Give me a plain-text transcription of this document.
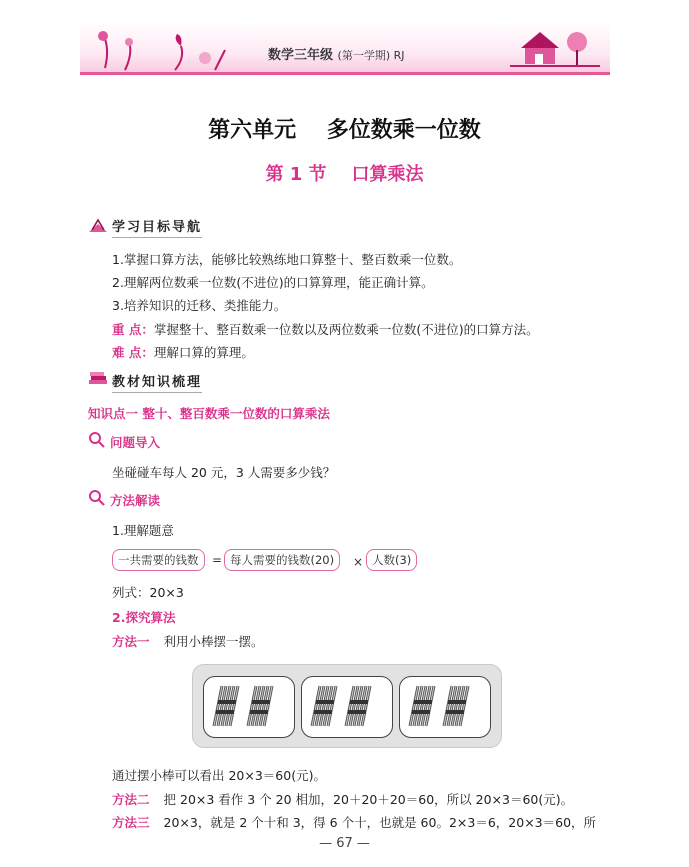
数学三年级 (第一学期) RJ
第六单元    多位数乘一位数
第 1 节    口算乘法
学习目标导航
1.掌握口算方法，能够比较熟练地口算整十、整百数乘一位数。
2.理解两位数乘一位数(不进位)的口算算理，能正确计算。
3.培养知识的迁移、类推能力。
重 点：掌握整十、整百数乘一位数以及两位数乘一位数(不进位)的口算方法。
难 点：理解口算的算理。
教材知识梳理
知识点一 整十、整百数乘一位数的口算乘法
问题导入
坐碰碰车每人 20 元，3 人需要多少钱？
方法解读
1.理解题意
一共需要的钱数	= 每人需要的钱数(20)	× 人数(3)
列式：20×3
2.探究算法
方法一 利用小棒摆一摆。
通过摆小棒可以看出 20×3＝60(元)。
方法二 把 20×3 看作 3 个 20 相加，20＋20＋20＝60，所以 20×3＝60(元)。
方法三 20×3，就是 2 个十和 3，得 6 个十，也就是 60。2×3＝6，20×3＝60，所
— 67 —
